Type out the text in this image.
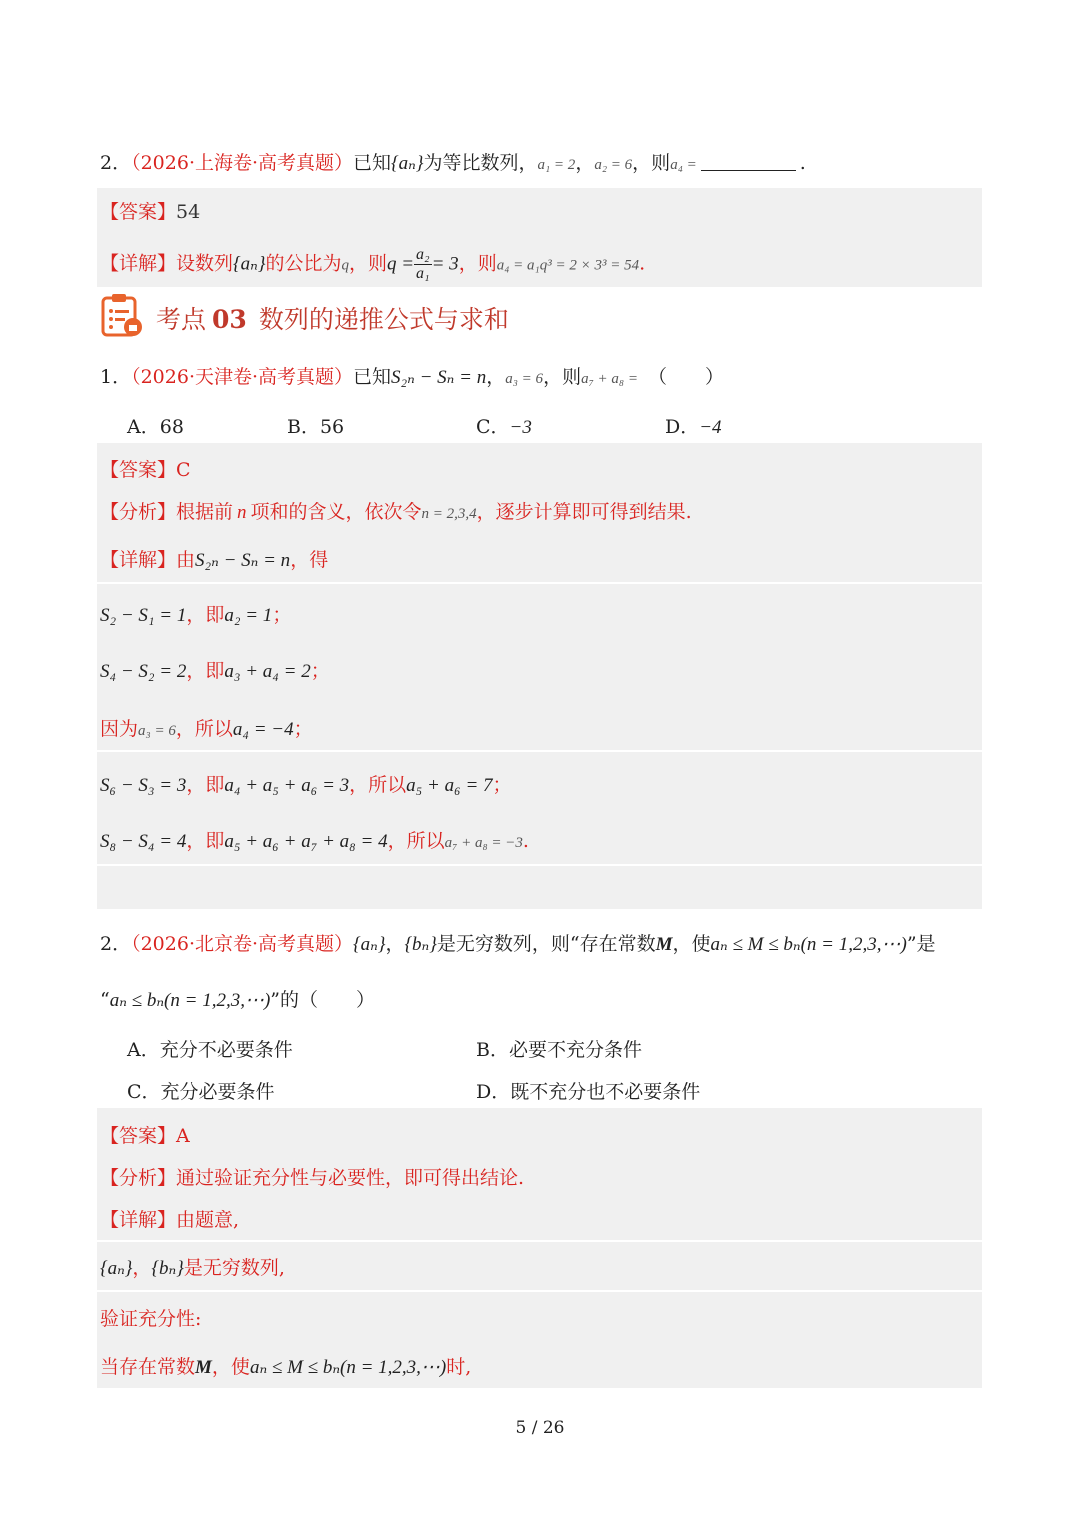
2．（2026·上海卷·高考真题）已知{aₙ}为等比数列，a₁ = 2，a₂ = 6，则a₄ =	.
【答案】54
【详解】设数列{aₙ}的公比为q，则$q = \frac{\text{a₂}}{\text{a₁}} = 3$，则a₄ = a₁q³ = 2 × 3³ = 54.
考点 03 数列的递推公式与求和
1．（2026·天津卷·高考真题）已知S₂ₙ − Sₙ = n，a₃ = 6，则a₇ + a₈ = （　　）
A．68	B．56	C．−3	D．−4
【答案】C
【分析】根据前 n 项和的含义，依次令n = 2,3,4，逐步计算即可得到结果.
【详解】由S₂ₙ − Sₙ = n，得
S₂ − S₁ = 1，即a₂ = 1；
S₄ − S₂ = 2，即a₃ + a₄ = 2；
因为a₃ = 6，所以a₄ = −4；
S₆ − S₃ = 3，即a₄ + a₅ + a₆ = 3，所以a₅ + a₆ = 7；
S₈ − S₄ = 4，即a₅ + a₆ + a₇ + a₈ = 4，所以a₇ + a₈ = −3.
2．（2026·北京卷·高考真题）{aₙ}，{bₙ}是无穷数列，则“存在常数M，使aₙ ≤ M ≤ bₙ(n = 1,2,3,⋯)”是
“aₙ ≤ bₙ(n = 1,2,3,⋯)”的（　　）
A．充分不必要条件	B．必要不充分条件
C．充分必要条件	D．既不充分也不必要条件
【答案】A
【分析】通过验证充分性与必要性，即可得出结论.
【详解】由题意,
{aₙ}，{bₙ}是无穷数列,
验证充分性:
当存在常数M，使aₙ ≤ M ≤ bₙ(n = 1,2,3,⋯)时,
5 / 26
